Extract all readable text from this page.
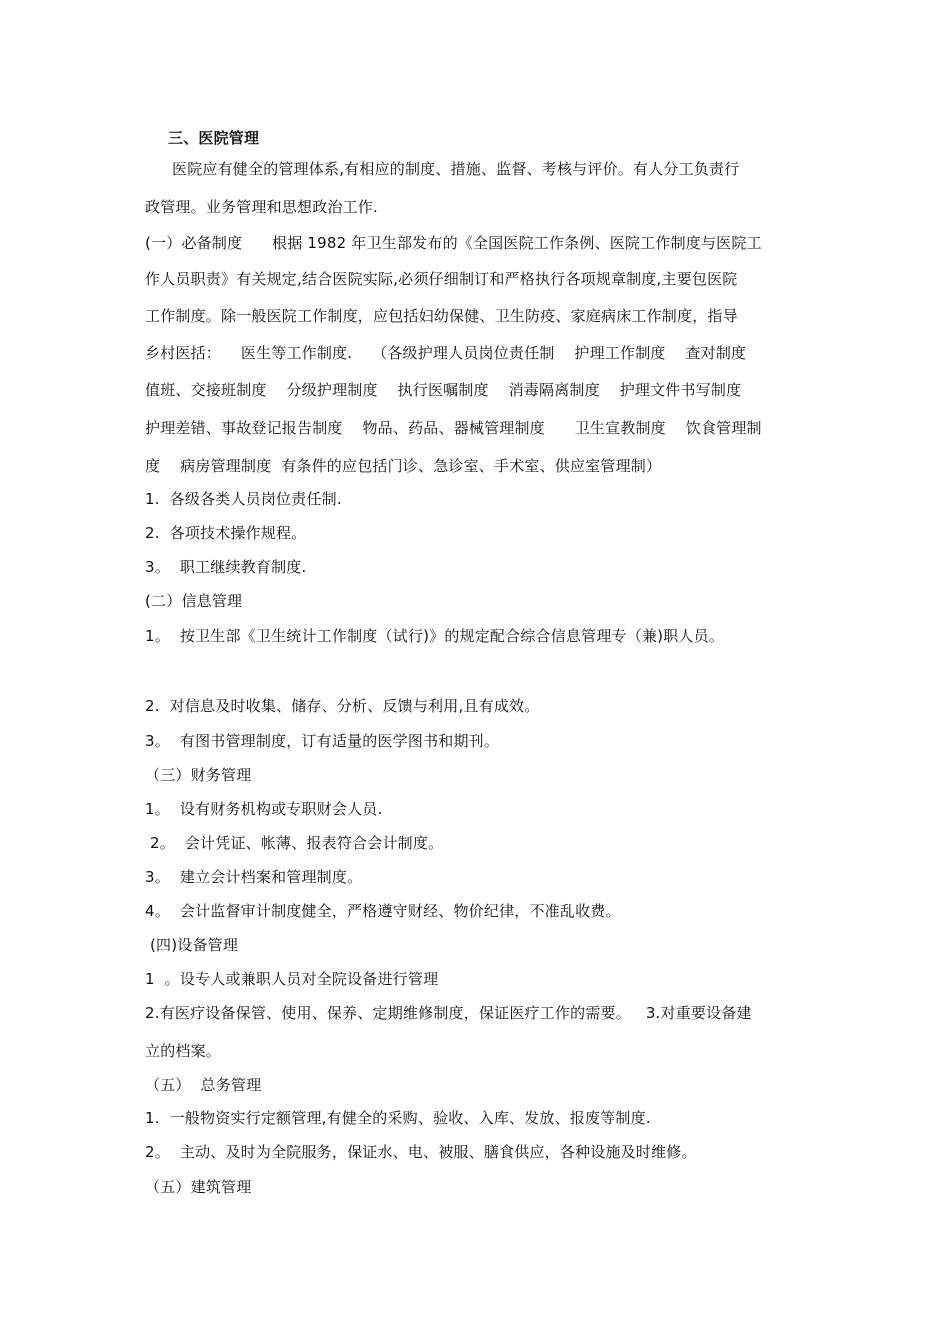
三、医院管理
医院应有健全的管理体系,有相应的制度、措施、监督、考核与评价。有人分工负责行
政管理。业务管理和思想政治工作.
(一）必备制度      根据 1982 年卫生部发布的《全国医院工作条例、医院工作制度与医院工
作人员职责》有关规定,结合医院实际,必须仔细制订和严格执行各项规章制度,主要包医院
工作制度。除一般医院工作制度，应包括妇幼保健、卫生防疫、家庭病床工作制度，指导
乡村医括：    医生等工作制度.    （各级护理人员岗位责任制    护理工作制度    查对制度
值班、交接班制度    分级护理制度    执行医嘱制度    消毒隔离制度    护理文件书写制度
护理差错、事故登记报告制度    物品、药品、器械管理制度      卫生宣教制度    饮食管理制
度    病房管理制度  有条件的应包括门诊、急诊室、手术室、供应室管理制）
1.  各级各类人员岗位责任制.
2.  各项技术操作规程。
3。  职工继续教育制度.
(二）信息管理
1。  按卫生部《卫生统计工作制度（试行)》的规定配合综合信息管理专（兼)职人员。
2.  对信息及时收集、储存、分析、反馈与利用,且有成效。
3。  有图书管理制度，订有适量的医学图书和期刊。
（三）财务管理
1。  设有财务机构或专职财会人员.
2。  会计凭证、帐薄、报表符合会计制度。
3。  建立会计档案和管理制度。
4。  会计监督审计制度健全，严格遵守财经、物价纪律，不准乱收费。
(四)设备管理
1  。设专人或兼职人员对全院设备进行管理
2.有医疗设备保管、使用、保养、定期维修制度，保证医疗工作的需要。   3.对重要设备建
立的档案。
（五）  总务管理
1.  一般物资实行定额管理,有健全的采购、验收、入库、发放、报废等制度.
2。  主动、及时为全院服务，保证水、电、被服、膳食供应，各种设施及时维修。
（五）建筑管理
